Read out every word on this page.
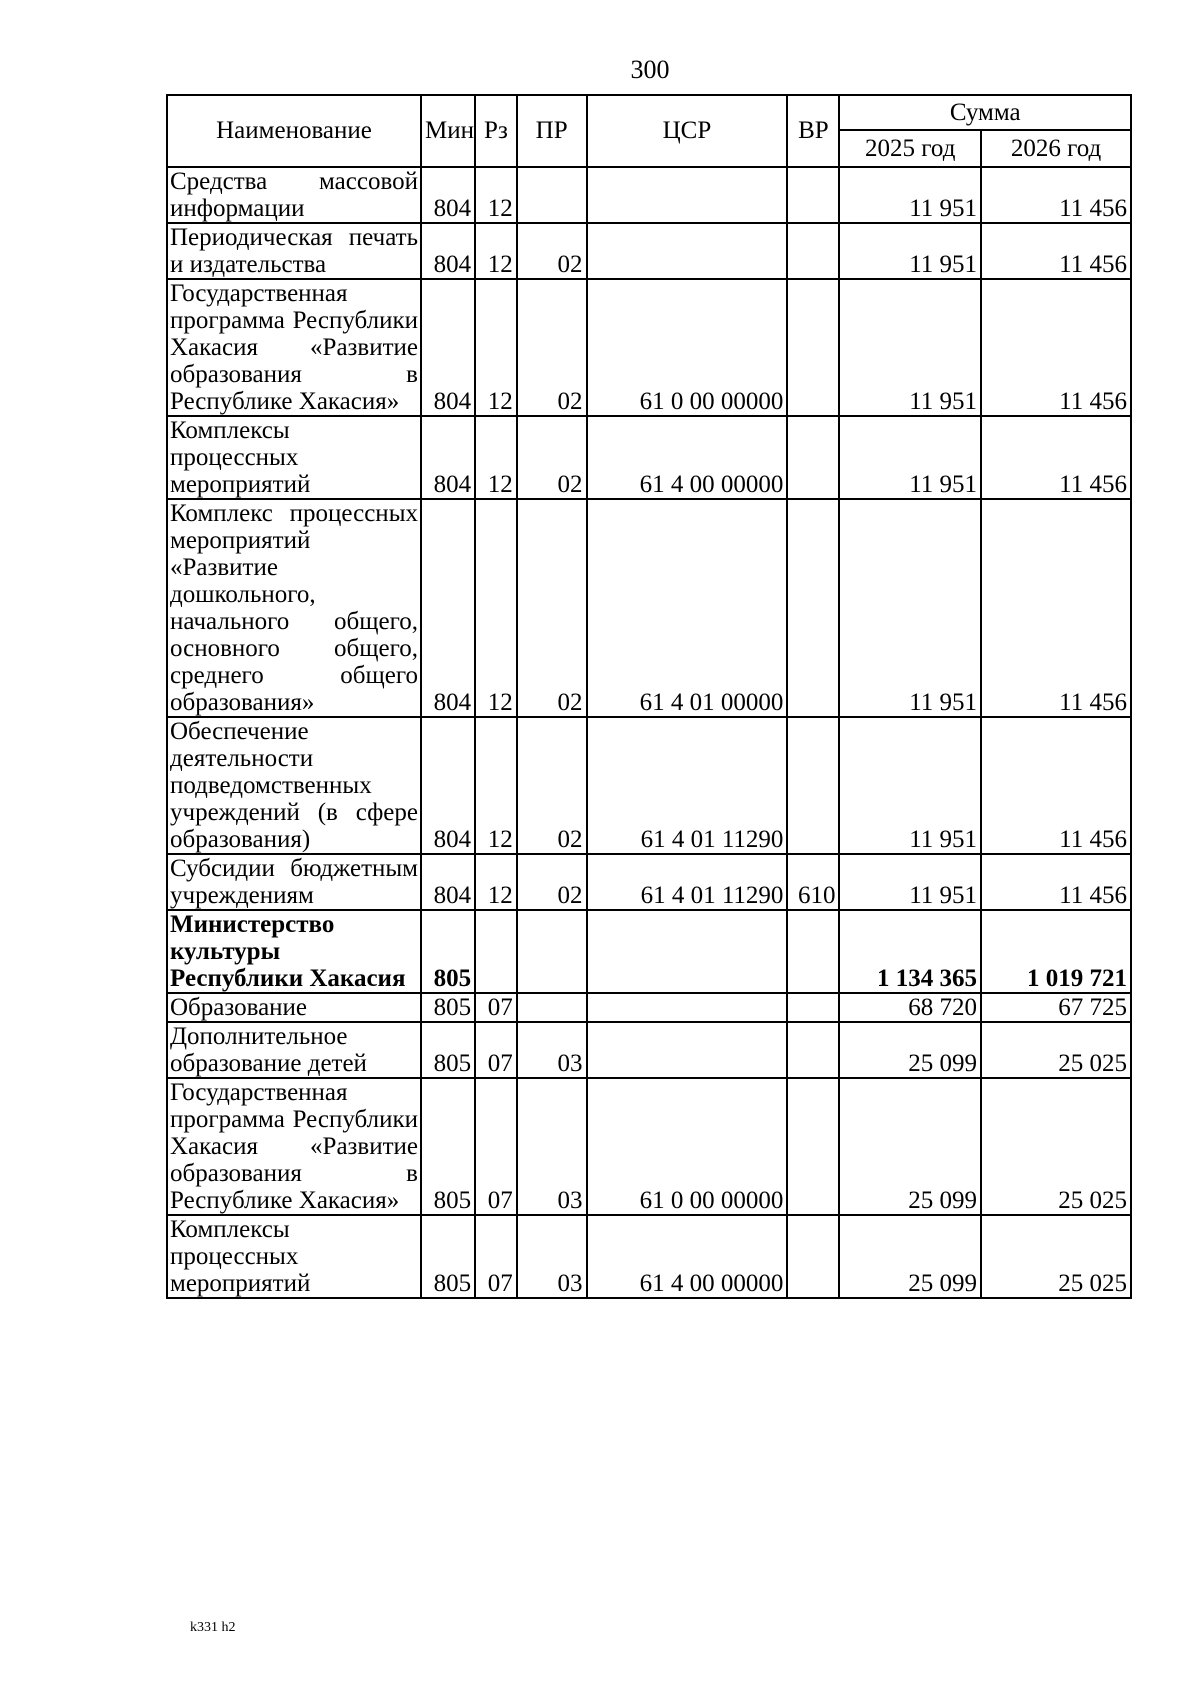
300
Наименование	Мин	Рз	ПР	ЦСР	ВР	Сумма	
						2025 год	2026 год
Средства массовой информации	804	12				11 951	11 456
Периодическая печать и издательства	804	12	02			11 951	11 456
Государственная программа Республики Хакасия «Развитие образования в Республике Хакасия»	804	12	02	61 0 00 00000		11 951	11 456
Комплексы процессных мероприятий	804	12	02	61 4 00 00000		11 951	11 456
Комплекс процессных мероприятий «Развитие дошкольного, начального общего, основного общего, среднего общего образования»	804	12	02	61 4 01 00000		11 951	11 456
Обеспечение деятельности подведомственных учреждений (в сфере образования)	804	12	02	61 4 01 11290		11 951	11 456
Субсидии бюджетным учреждениям	804	12	02	61 4 01 11290	610	11 951	11 456
Министерство культуры Республики Хакасия	805					1 134 365	1 019 721
Образование	805	07				68 720	67 725
Дополнительное образование детей	805	07	03			25 099	25 025
Государственная программа Республики Хакасия «Развитие образования в Республике Хакасия»	805	07	03	61 0 00 00000		25 099	25 025
Комплексы процессных мероприятий	805	07	03	61 4 00 00000		25 099	25 025
k331 h2
